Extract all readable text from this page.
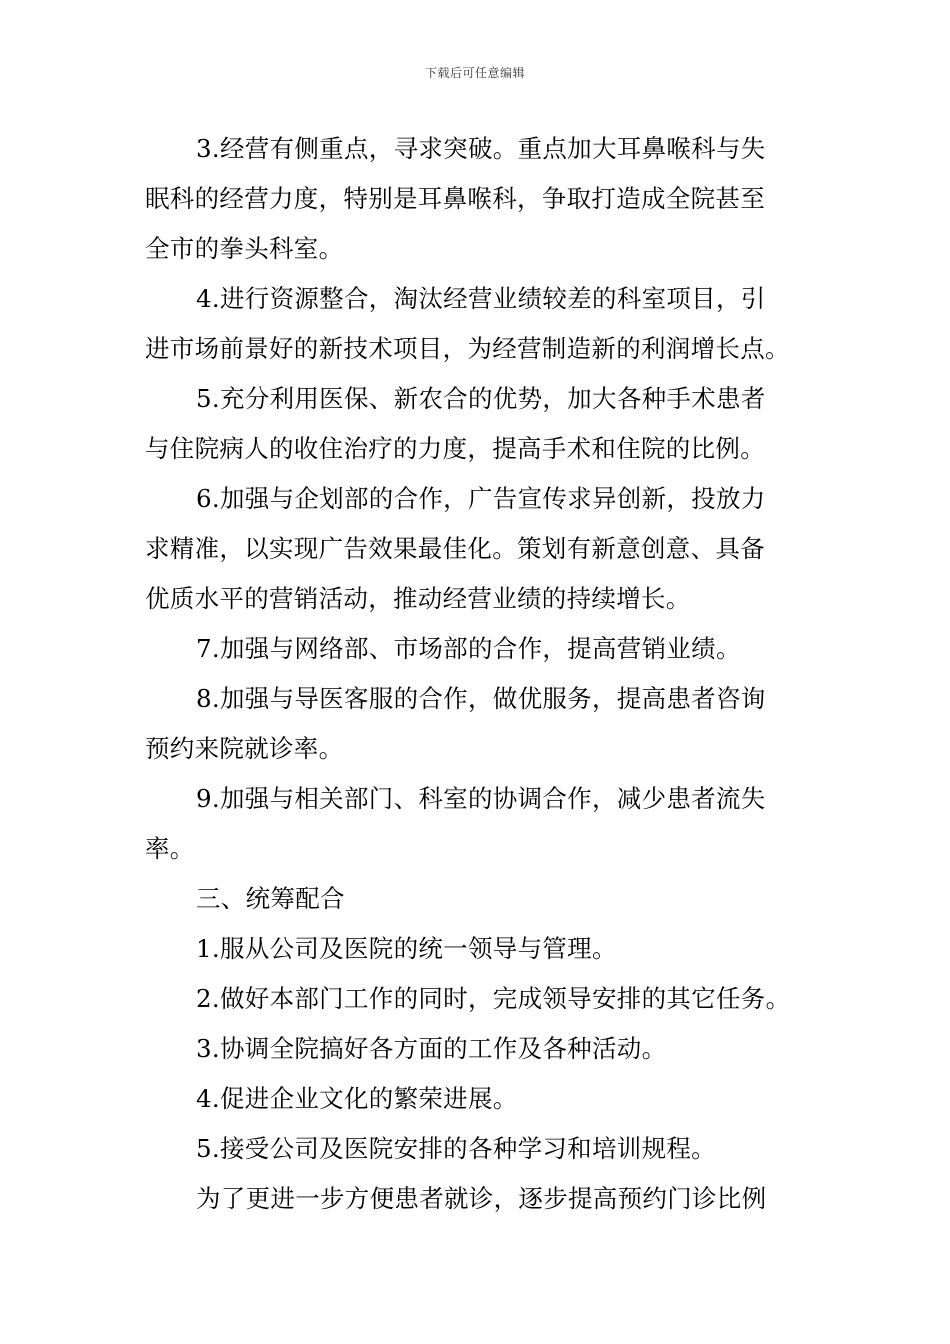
下载后可任意编辑
3.经营有侧重点，寻求突破。重点加大耳鼻喉科与失
眠科的经营力度，特别是耳鼻喉科，争取打造成全院甚至
全市的拳头科室。
4.进行资源整合，淘汰经营业绩较差的科室项目，引
进市场前景好的新技术项目，为经营制造新的利润增长点。
5.充分利用医保、新农合的优势，加大各种手术患者
与住院病人的收住治疗的力度，提高手术和住院的比例。
6.加强与企划部的合作，广告宣传求异创新，投放力
求精准，以实现广告效果最佳化。策划有新意创意、具备
优质水平的营销活动，推动经营业绩的持续增长。
7.加强与网络部、市场部的合作，提高营销业绩。
8.加强与导医客服的合作，做优服务，提高患者咨询
预约来院就诊率。
9.加强与相关部门、科室的协调合作，减少患者流失
率。
三、统筹配合
1.服从公司及医院的统一领导与管理。
2.做好本部门工作的同时，完成领导安排的其它任务。
3.协调全院搞好各方面的工作及各种活动。
4.促进企业文化的繁荣进展。
5.接受公司及医院安排的各种学习和培训规程。
为了更进一步方便患者就诊，逐步提高预约门诊比例
